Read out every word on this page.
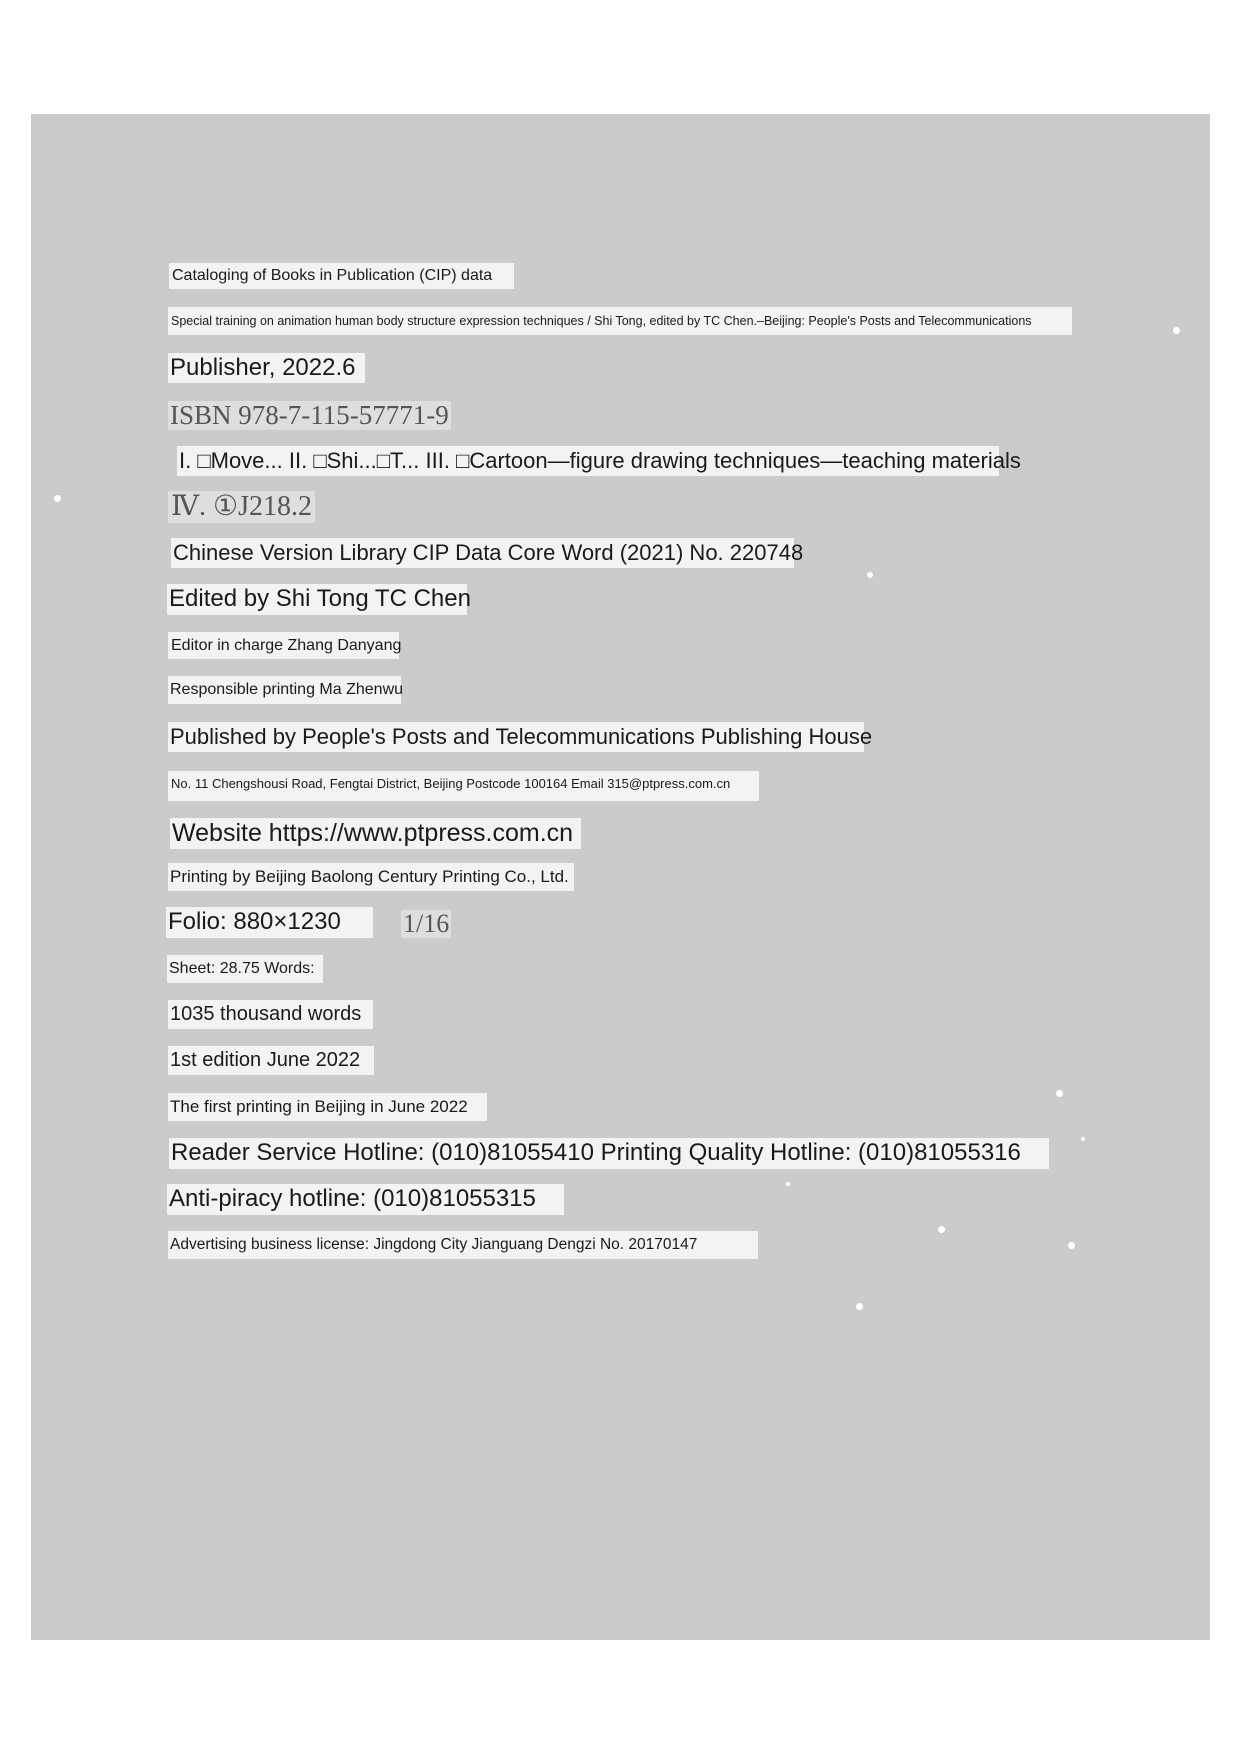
Cataloging of Books in Publication (CIP) data
Special training on animation human body structure expression techniques / Shi Tong, edited by TC Chen.–Beijing: People's Posts and Telecommunications
Publisher, 2022.6
ISBN 978-7-115-57771-9
I. □Move... II. □Shi...□T... III. □Cartoon—figure drawing techniques—teaching materials
Ⅳ. ①J218.2
Chinese Version Library CIP Data Core Word (2021) No. 220748
Edited by Shi Tong TC Chen
Editor in charge Zhang Danyang
Responsible printing Ma Zhenwu
Published by People's Posts and Telecommunications Publishing House
No. 11 Chengshousi Road, Fengtai District, Beijing Postcode 100164 Email 315@ptpress.com.cn
Website https://www.ptpress.com.cn
Printing by Beijing Baolong Century Printing Co., Ltd.
Folio: 880×1230	1/16
Sheet: 28.75 Words:
1035 thousand words
1st edition June 2022
The first printing in Beijing in June 2022
Reader Service Hotline: (010)81055410 Printing Quality Hotline: (010)81055316
Anti-piracy hotline: (010)81055315
Advertising business license: Jingdong City Jianguang Dengzi No. 20170147
